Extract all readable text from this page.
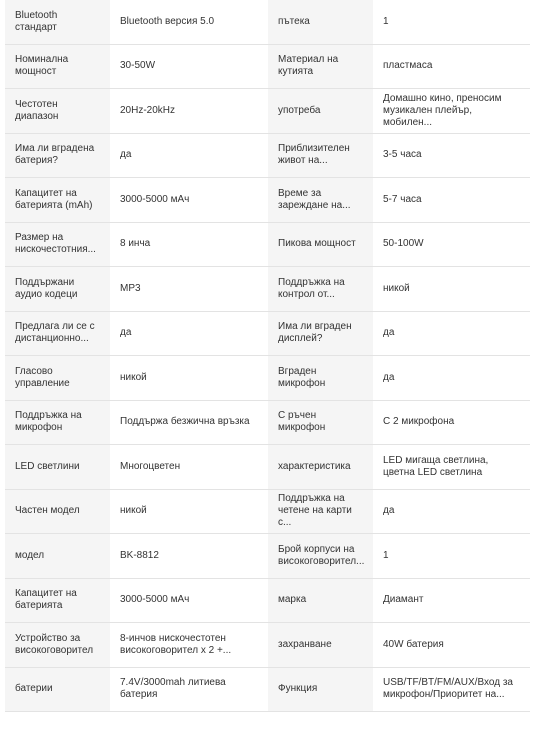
Bluetooth стандарт	Bluetooth версия 5.0	пътека	1
Номинална мощност	30-50W	Материал на кутията	пластмаса
Честотен диапазон	20Hz-20kHz	употреба	Домашно кино, преносим музикален плейър, мобилен...
Има ли вградена батерия?	да	Приблизителен живот на...	3-5 часа
Капацитет на батерията (mAh)	3000-5000 мАч	Време за зареждане на...	5-7 часа
Размер на нискочестотния...	8 инча	Пикова мощност	50-100W
Поддържани аудио кодеци	MP3	Поддръжка на контрол от...	никой
Предлага ли се с дистанционно...	да	Има ли вграден дисплей?	да
Гласово управление	никой	Вграден микрофон	да
Поддръжка на микрофон	Поддържа безжична връзка	С ръчен микрофон	С 2 микрофона
LED светлини	Многоцветен	характеристика	LED мигаща светлина, цветна LED светлина
Частен модел	никой	Поддръжка на четене на карти с...	да
модел	BK-8812	Брой корпуси на високоговорител...	1
Капацитет на батерията	3000-5000 мАч	марка	Диамант
Устройство за високоговорител	8-инчов нискочестотен високоговорител x 2 +...	захранване	40W батерия
батерии	7.4V/3000mah литиева батерия	Функция	USB/TF/BT/FM/AUX/Вход за микрофон/Приоритет на...
